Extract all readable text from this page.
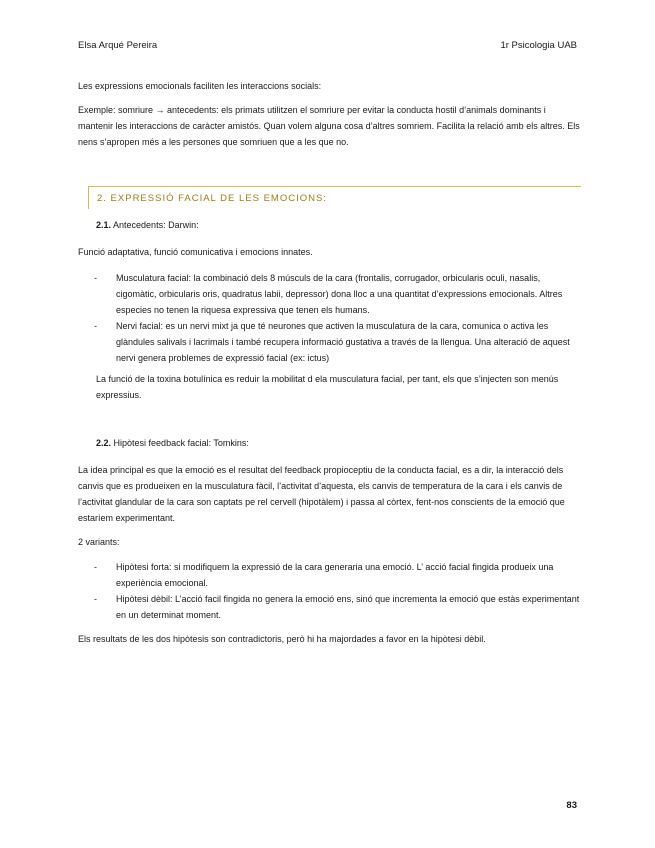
Elsa Arqué Pereira	1r Psicologia UAB

Les expressions emocionals faciliten les interaccions socials:

Exemple: somriure → antecedents: els primats utilitzen el somriure per evitar la conducta hostil d’animals dominants i mantenir les interaccions de caràcter amistós. Quan volem alguna cosa d’altres somriem. Facilita la relació amb els altres. Els nens s’apropen més a les persones que somriuen que a les que no.

2. EXPRESSIÓ FACIAL DE LES EMOCIONS:
2.1. Antecedents: Darwin:

Funció adaptativa, funció comunicativa i emocions innates.

- Musculatura facial: la combinació dels 8 músculs de la cara (frontalis, corrugador, orbicularis oculi, nasalis, cigomàtic, orbicularis oris, quadratus labii, depressor) dona lloc a una quantitat d’expressions emocionals. Altres especies no tenen la riquesa expressiva que tenen els humans.
- Nervi facial: es un nervi mixt ja que té neurones que activen la musculatura de la cara, comunica o activa les glàndules salivals i lacrimals i també recupera informació gustativa a través de la llengua. Una alteració de aquest nervi genera problemes de expressió facial (ex: ictus)

La funció de la toxina botulínica es reduir la mobilitat d ela musculatura facial, per tant, els que s’injecten son menús expressius.

2.2. Hipòtesi feedback facial: Tomkins:

La idea principal es que la emoció es el resultat del feedback propioceptiu de la conducta facial, es a dir, la interacció dels canvis que es produeixen en la musculatura fàcil, l’activitat d’aquesta, els canvis de temperatura de la cara i els canvis de l’activitat glandular de la cara son captats pe rel cervell (hipotàlem) i passa al còrtex, fent-nos conscients de la emoció que estaríem experimentant.

2 variants:

- Hipòtesi forta: si modifiquem la expressió de la cara generaria una emoció. L’ acció facial fingida produeix una experiència emocional.
- Hipòtesi dèbil: L’acció facil fingida no genera la emoció ens, sinó que incrementa la emoció que estàs experimentant en un determinat moment.

Els resultats de les dos hipòtesis son contradictoris, però hi ha majordades a favor en la hipòtesi dèbil.

83
